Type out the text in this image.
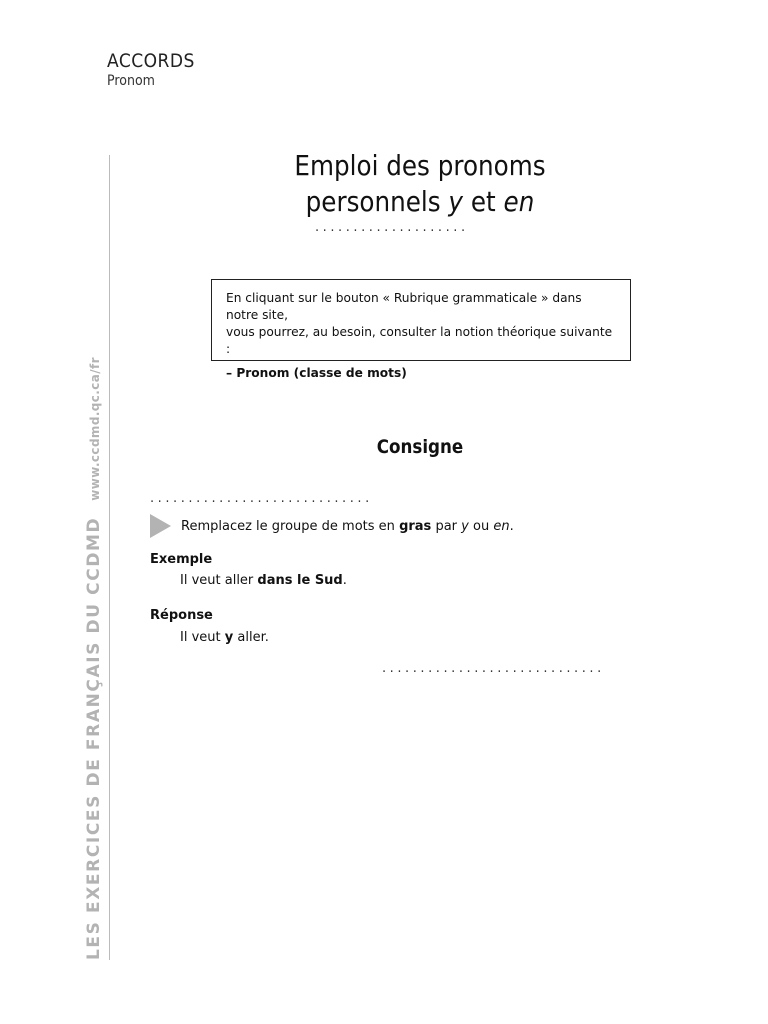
ACCORDS
Pronom
LES EXERCICES DE FRANÇAIS DU CCDMDwww.ccdmd.qc.ca/fr
Emploi des pronoms
personnels y et en
....................
En cliquant sur le bouton « Rubrique grammaticale » dans notre site,
vous pourrez, au besoin, consulter la notion théorique suivante :
– Pronom (classe de mots)
Consigne
.............................
Remplacez le groupe de mots en gras par y ou en.
Exemple
Il veut aller dans le Sud.
Réponse
Il veut y aller.
.............................
